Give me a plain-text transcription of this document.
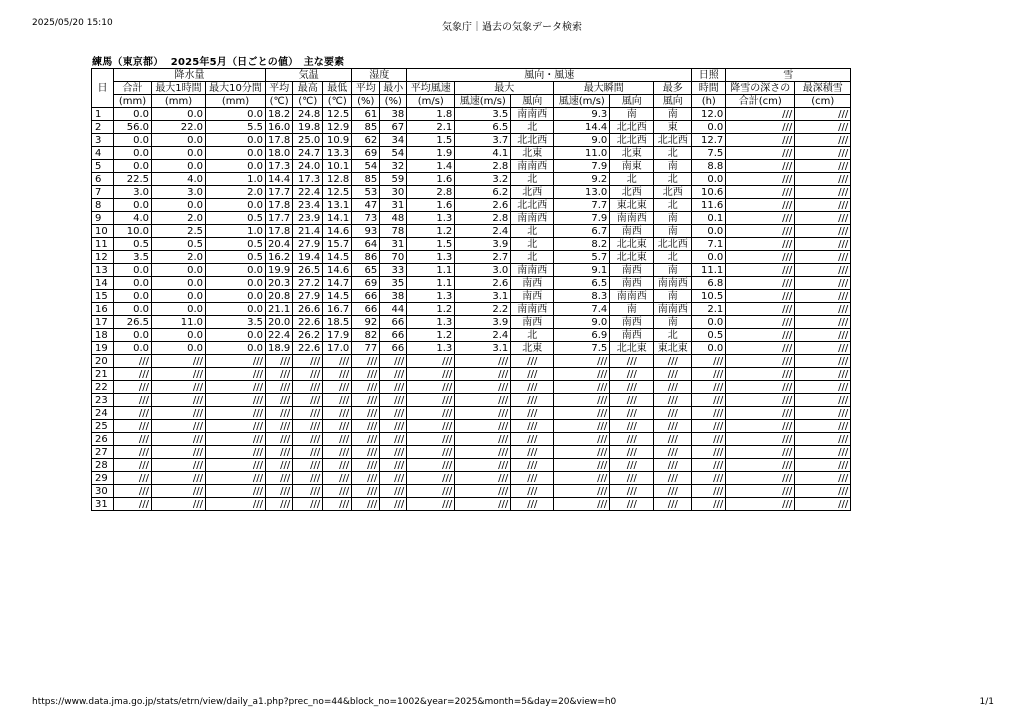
2025/05/20 15:10	気象庁｜過去の気象データ検索
練馬（東京都） 2025年5月（日ごとの値）　 主な要素
日	降水量			気温			湿度		風向・風速						日照	雪	
	合計	最大1時間	最大10分間	平均	最高	最低	平均	最小	平均風速	最大		最大瞬間		最多	時間	降雪の深さの	最深積雪
	(mm)	(mm)	(mm)	(℃)	(℃)	(℃)	(%)	(%)	(m/s)	風速(m/s)	風向	風速(m/s)	風向	風向	(h)	合計(cm)	(cm)
1	0.0	0.0	0.0	18.2	24.8	12.5	61	38	1.8	3.5	南南西	9.3	南	南	12.0	///	///
2	56.0	22.0	5.5	16.0	19.8	12.9	85	67	2.1	6.5	北	14.4	北北西	東	0.0	///	///
3	0.0	0.0	0.0	17.8	25.0	10.9	62	34	1.5	3.7	北北西	9.0	北北西	北北西	12.7	///	///
4	0.0	0.0	0.0	18.0	24.7	13.3	69	54	1.9	4.1	北東	11.0	北東	北	7.5	///	///
5	0.0	0.0	0.0	17.3	24.0	10.1	54	32	1.4	2.8	南南西	7.9	南東	南	8.8	///	///
6	22.5	4.0	1.0	14.4	17.3	12.8	85	59	1.6	3.2	北	9.2	北	北	0.0	///	///
7	3.0	3.0	2.0	17.7	22.4	12.5	53	30	2.8	6.2	北西	13.0	北西	北西	10.6	///	///
8	0.0	0.0	0.0	17.8	23.4	13.1	47	31	1.6	2.6	北北西	7.7	東北東	北	11.6	///	///
9	4.0	2.0	0.5	17.7	23.9	14.1	73	48	1.3	2.8	南南西	7.9	南南西	南	0.1	///	///
10	10.0	2.5	1.0	17.8	21.4	14.6	93	78	1.2	2.4	北	6.7	南西	南	0.0	///	///
11	0.5	0.5	0.5	20.4	27.9	15.7	64	31	1.5	3.9	北	8.2	北北東	北北西	7.1	///	///
12	3.5	2.0	0.5	16.2	19.4	14.5	86	70	1.3	2.7	北	5.7	北北東	北	0.0	///	///
13	0.0	0.0	0.0	19.9	26.5	14.6	65	33	1.1	3.0	南南西	9.1	南西	南	11.1	///	///
14	0.0	0.0	0.0	20.3	27.2	14.7	69	35	1.1	2.6	南西	6.5	南西	南南西	6.8	///	///
15	0.0	0.0	0.0	20.8	27.9	14.5	66	38	1.3	3.1	南西	8.3	南南西	南	10.5	///	///
16	0.0	0.0	0.0	21.1	26.6	16.7	66	44	1.2	2.2	南南西	7.4	南	南南西	2.1	///	///
17	26.5	11.0	3.5	20.0	22.6	18.5	92	66	1.3	3.9	南西	9.0	南西	南	0.0	///	///
18	0.0	0.0	0.0	22.4	26.2	17.9	82	66	1.2	2.4	北	6.9	南西	北	0.5	///	///
19	0.0	0.0	0.0	18.9	22.6	17.0	77	66	1.3	3.1	北東	7.5	北北東	東北東	0.0	///	///
20	///	///	///	///	///	///	///	///	///	///	///	///	///	///	///	///	///
21	///	///	///	///	///	///	///	///	///	///	///	///	///	///	///	///	///
22	///	///	///	///	///	///	///	///	///	///	///	///	///	///	///	///	///
23	///	///	///	///	///	///	///	///	///	///	///	///	///	///	///	///	///
24	///	///	///	///	///	///	///	///	///	///	///	///	///	///	///	///	///
25	///	///	///	///	///	///	///	///	///	///	///	///	///	///	///	///	///
26	///	///	///	///	///	///	///	///	///	///	///	///	///	///	///	///	///
27	///	///	///	///	///	///	///	///	///	///	///	///	///	///	///	///	///
28	///	///	///	///	///	///	///	///	///	///	///	///	///	///	///	///	///
29	///	///	///	///	///	///	///	///	///	///	///	///	///	///	///	///	///
30	///	///	///	///	///	///	///	///	///	///	///	///	///	///	///	///	///
31	///	///	///	///	///	///	///	///	///	///	///	///	///	///	///	///	///
https://www.data.jma.go.jp/stats/etrn/view/daily_a1.php?prec_no=44&block_no=1002&year=2025&month=5&day=20&view=h0	1/1
